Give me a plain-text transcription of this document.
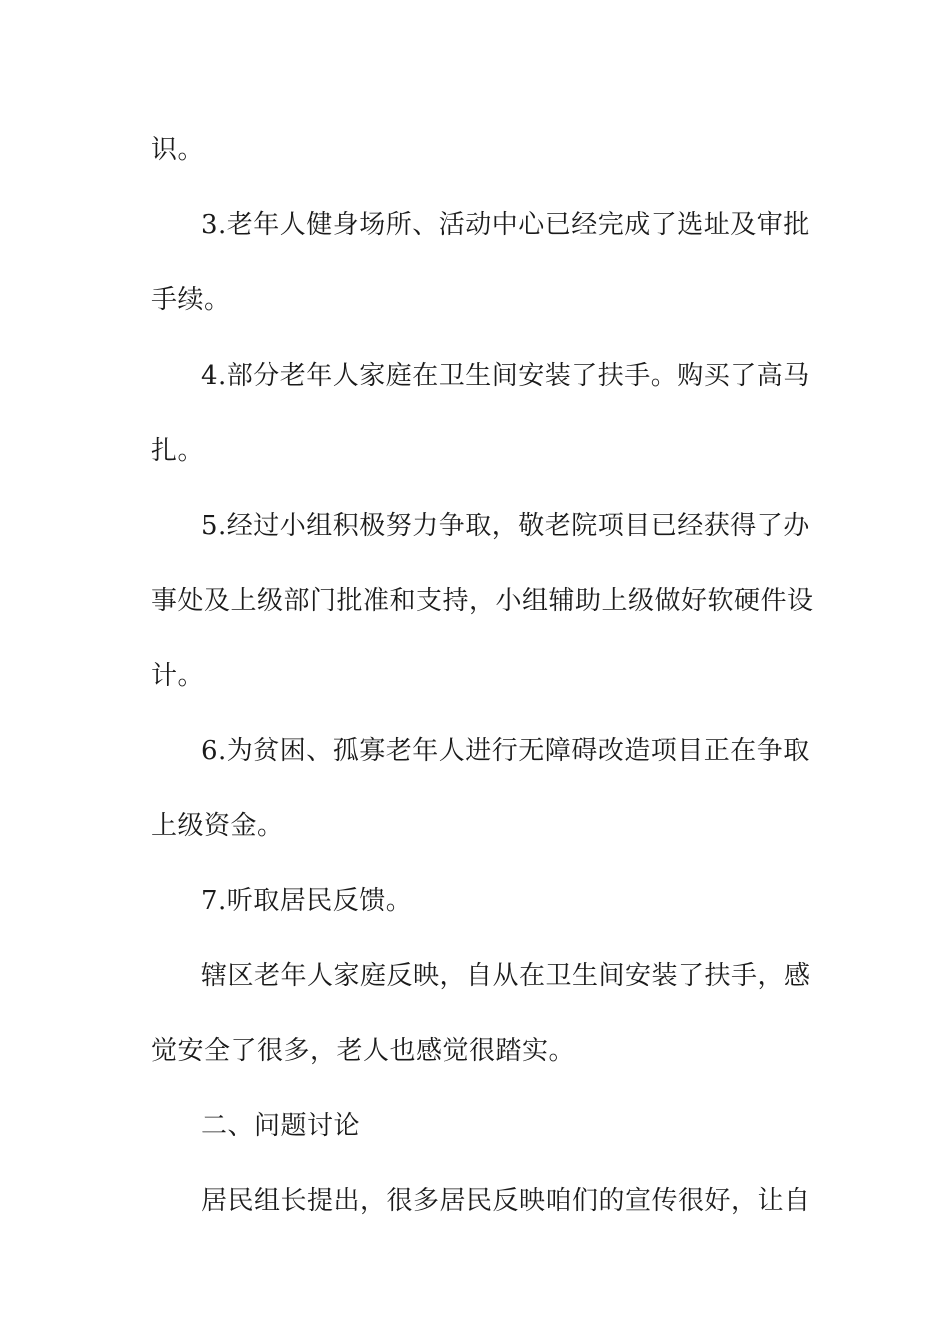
识。
3.老年人健身场所、活动中心已经完成了选址及审批
手续。
4.部分老年人家庭在卫生间安装了扶手。购买了高马
扎。
5.经过小组积极努力争取，敬老院项目已经获得了办
事处及上级部门批准和支持，小组辅助上级做好软硬件设
计。
6.为贫困、孤寡老年人进行无障碍改造项目正在争取
上级资金。
7.听取居民反馈。
辖区老年人家庭反映，自从在卫生间安装了扶手，感
觉安全了很多，老人也感觉很踏实。
二、问题讨论
居民组长提出，很多居民反映咱们的宣传很好，让自
